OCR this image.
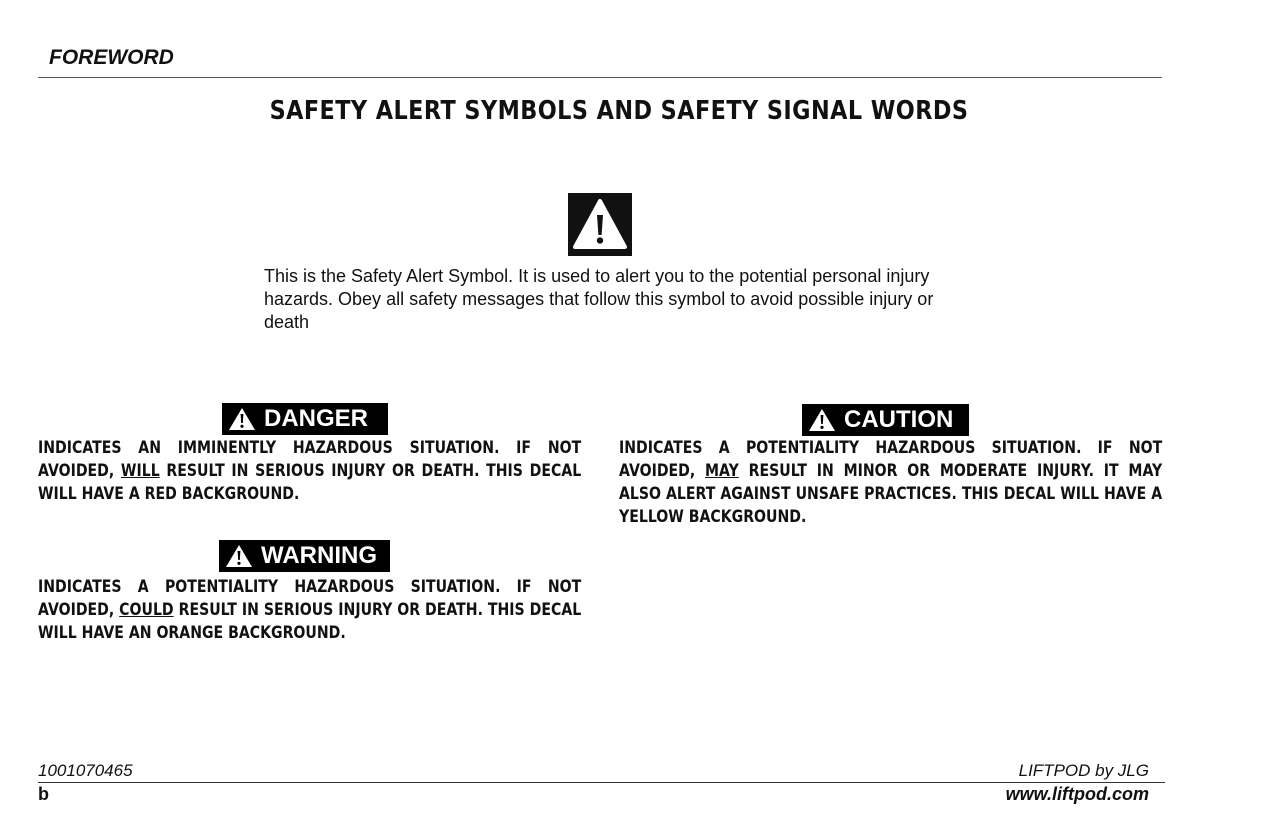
FOREWORD
SAFETY ALERT SYMBOLS AND SAFETY SIGNAL WORDS
This is the Safety Alert Symbol. It is used to alert you to the potential personal injury hazards. Obey all safety messages that follow this symbol to avoid possible injury or death
DANGER
INDICATES AN IMMINENTLY HAZARDOUS SITUATION. IF NOT AVOIDED, WILL RESULT IN SERIOUS INJURY OR DEATH. THIS DECAL WILL HAVE A RED BACKGROUND.
WARNING
INDICATES A POTENTIALITY HAZARDOUS SITUATION. IF NOT AVOIDED, COULD RESULT IN SERIOUS INJURY OR DEATH. THIS DECAL WILL HAVE AN ORANGE BACKGROUND.
CAUTION
INDICATES A POTENTIALITY HAZARDOUS SITUATION. IF NOT AVOIDED, MAY RESULT IN MINOR OR MODERATE INJURY. IT MAY ALSO ALERT AGAINST UNSAFE PRACTICES. THIS DECAL WILL HAVE A YELLOW BACKGROUND.
1001070465	LIFTPOD by JLG
b	www.liftpod.com
